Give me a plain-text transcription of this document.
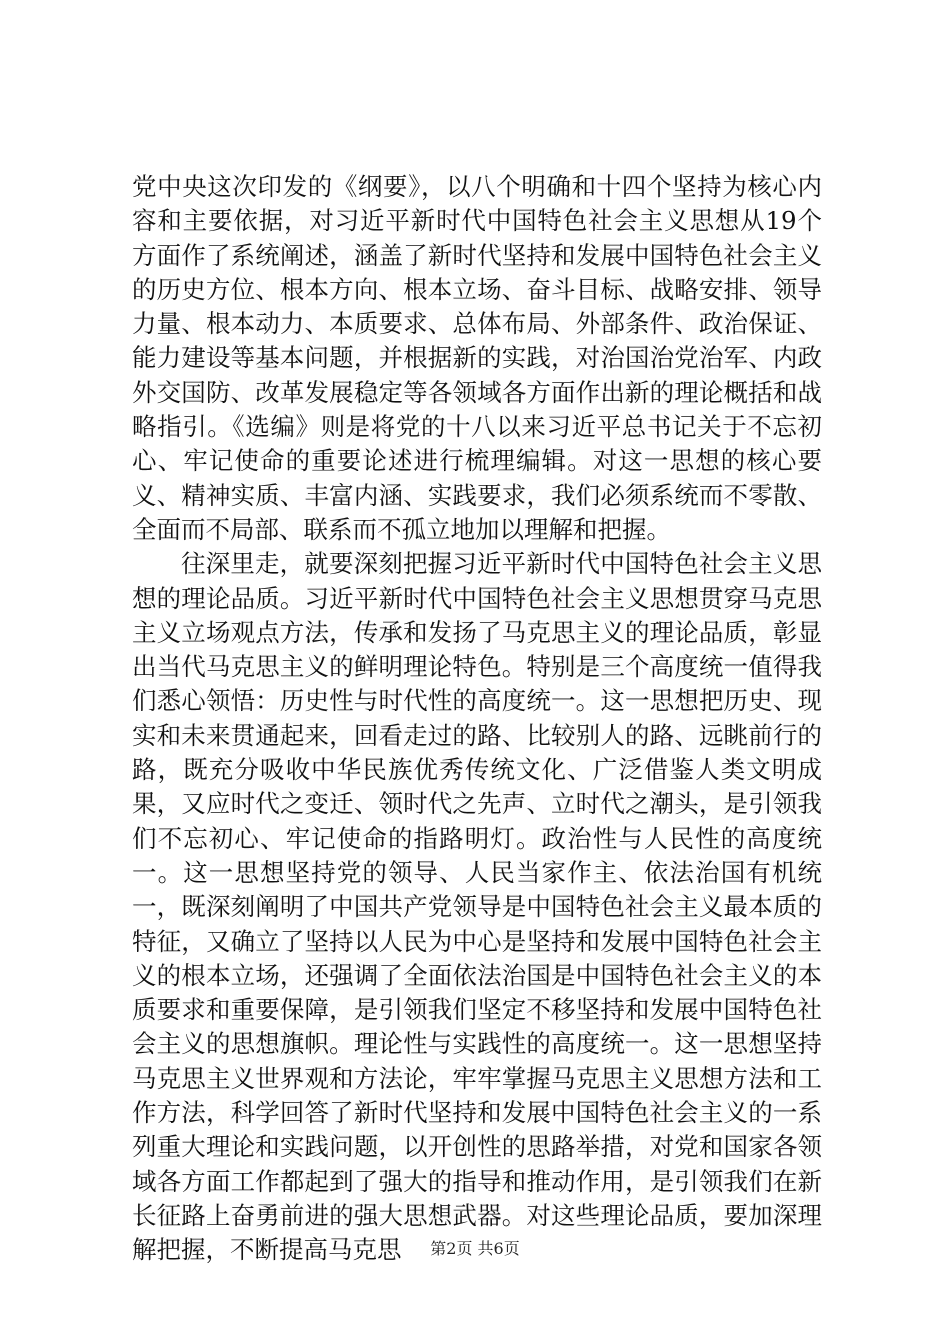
党中央这次印发的《纲要》，以八个明确和十四个坚持为核心内容和主要依据，对习近平新时代中国特色社会主义思想从19个方面作了系统阐述，涵盖了新时代坚持和发展中国特色社会主义的历史方位、根本方向、根本立场、奋斗目标、战略安排、领导力量、根本动力、本质要求、总体布局、外部条件、政治保证、能力建设等基本问题，并根据新的实践，对治国治党治军、内政外交国防、改革发展稳定等各领域各方面作出新的理论概括和战略指引。《选编》则是将党的十八以来习近平总书记关于不忘初心、牢记使命的重要论述进行梳理编辑。对这一思想的核心要义、精神实质、丰富内涵、实践要求，我们必须系统而不零散、全面而不局部、联系而不孤立地加以理解和把握。

往深里走，就要深刻把握习近平新时代中国特色社会主义思想的理论品质。习近平新时代中国特色社会主义思想贯穿马克思主义立场观点方法，传承和发扬了马克思主义的理论品质，彰显出当代马克思主义的鲜明理论特色。特别是三个高度统一值得我们悉心领悟：历史性与时代性的高度统一。这一思想把历史、现实和未来贯通起来，回看走过的路、比较别人的路、远眺前行的路，既充分吸收中华民族优秀传统文化、广泛借鉴人类文明成果，又应时代之变迁、领时代之先声、立时代之潮头，是引领我们不忘初心、牢记使命的指路明灯。政治性与人民性的高度统一。这一思想坚持党的领导、人民当家作主、依法治国有机统一，既深刻阐明了中国共产党领导是中国特色社会主义最本质的特征，又确立了坚持以人民为中心是坚持和发展中国特色社会主义的根本立场，还强调了全面依法治国是中国特色社会主义的本质要求和重要保障，是引领我们坚定不移坚持和发展中国特色社会主义的思想旗帜。理论性与实践性的高度统一。这一思想坚持马克思主义世界观和方法论，牢牢掌握马克思主义思想方法和工作方法，科学回答了新时代坚持和发展中国特色社会主义的一系列重大理论和实践问题，以开创性的思路举措，对党和国家各领域各方面工作都起到了强大的指导和推动作用，是引领我们在新长征路上奋勇前进的强大思想武器。对这些理论品质，要加深理解把握，不断提高马克思	第2页 共6页
